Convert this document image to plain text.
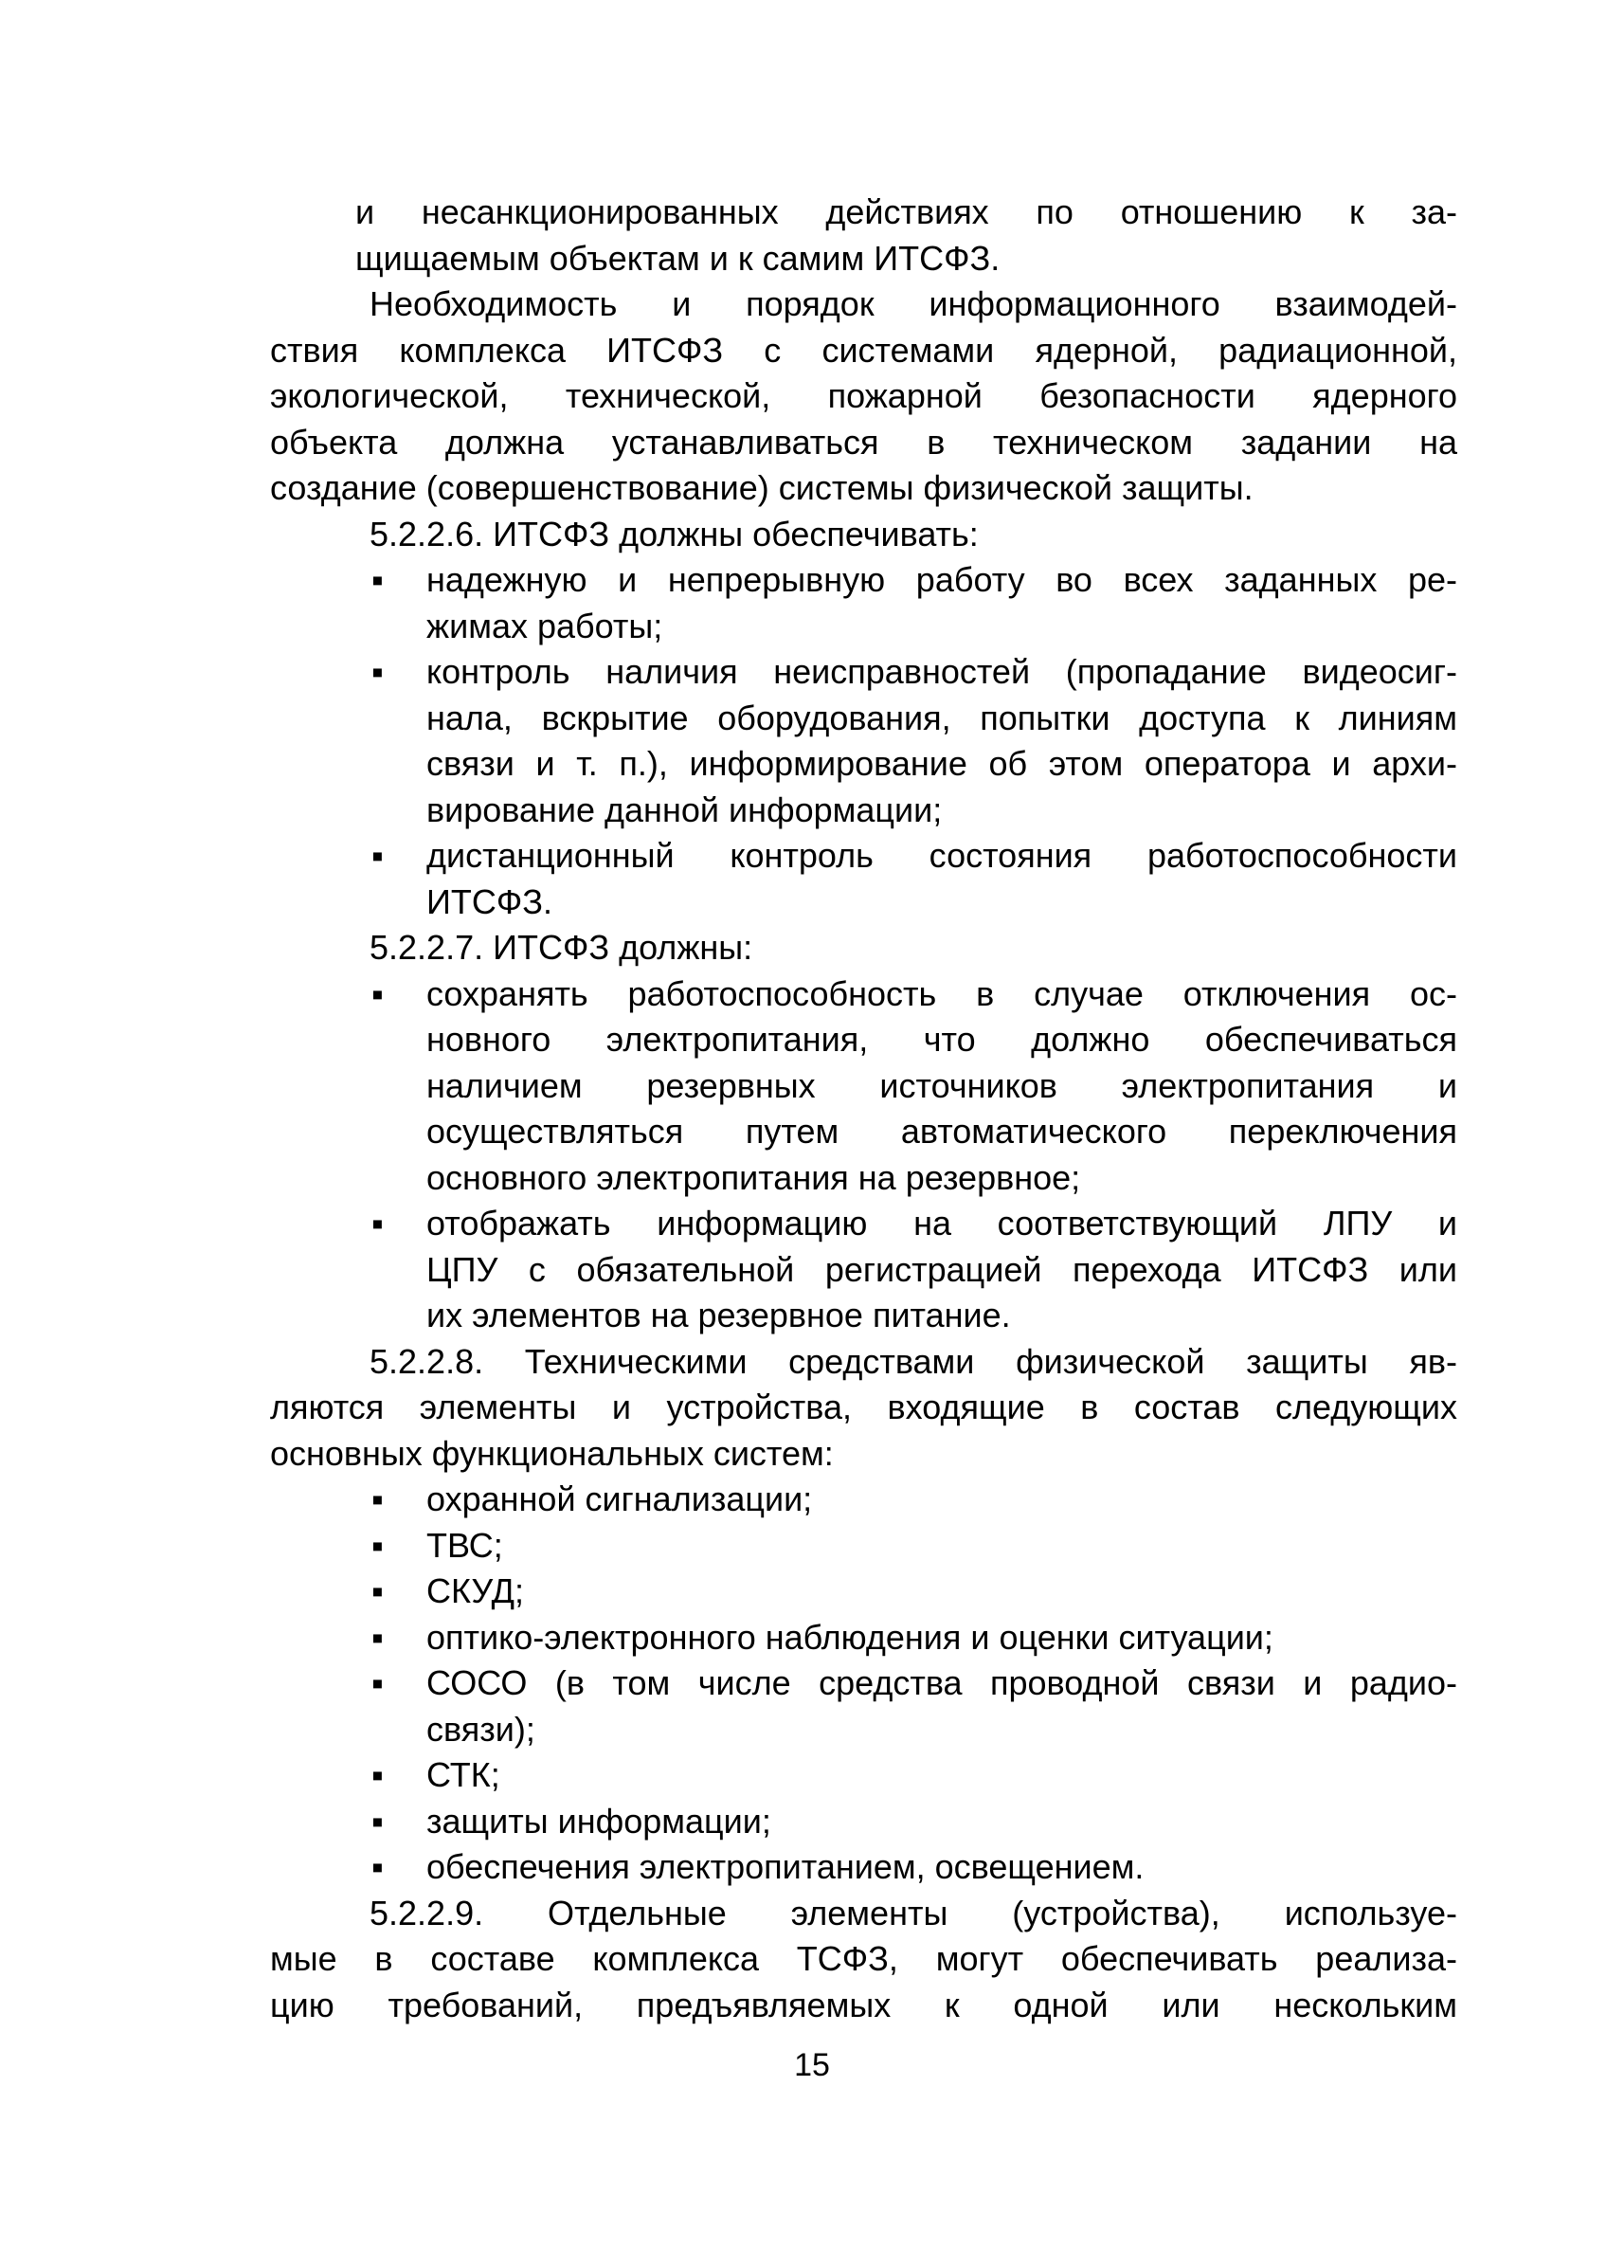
и несанкционированных действиях по отношению к за-
щищаемым объектам и к самим ИТСФЗ.
Необходимость и порядок информационного взаимодей-
ствия комплекса ИТСФЗ с системами ядерной, радиационной,
экологической, технической, пожарной безопасности ядерного
объекта должна устанавливаться в техническом задании на
создание (совершенствование) системы физической защиты.
5.2.2.6. ИТСФЗ должны обеспечивать:
▪	надежную и непрерывную работу во всех заданных ре-
жимах работы;
▪	контроль наличия неисправностей (пропадание видеосиг-
нала, вскрытие оборудования, попытки доступа к линиям
связи и т. п.), информирование об этом оператора и архи-
вирование данной информации;
▪	дистанционный контроль состояния работоспособности
ИТСФЗ.
5.2.2.7. ИТСФЗ должны:
▪	сохранять работоспособность в случае отключения ос-
новного электропитания, что должно обеспечиваться
наличием резервных источников электропитания и
осуществляться путем автоматического переключения
основного электропитания на резервное;
▪	отображать информацию на соответствующий ЛПУ и
ЦПУ с обязательной регистрацией перехода ИТСФЗ или
их элементов на резервное питание.
5.2.2.8. Техническими средствами физической защиты яв-
ляются элементы и устройства, входящие в состав следующих
основных функциональных систем:
▪	охранной сигнализации;
▪	ТВС;
▪	СКУД;
▪	оптико-электронного наблюдения и оценки ситуации;
▪	СОСО (в том числе средства проводной связи и радио-
связи);
▪	СТК;
▪	защиты информации;
▪	обеспечения электропитанием, освещением.
5.2.2.9. Отдельные элементы (устройства), используе-
мые в составе комплекса ТСФЗ, могут обеспечивать реализа-
цию требований, предъявляемых к одной или нескольким
15
